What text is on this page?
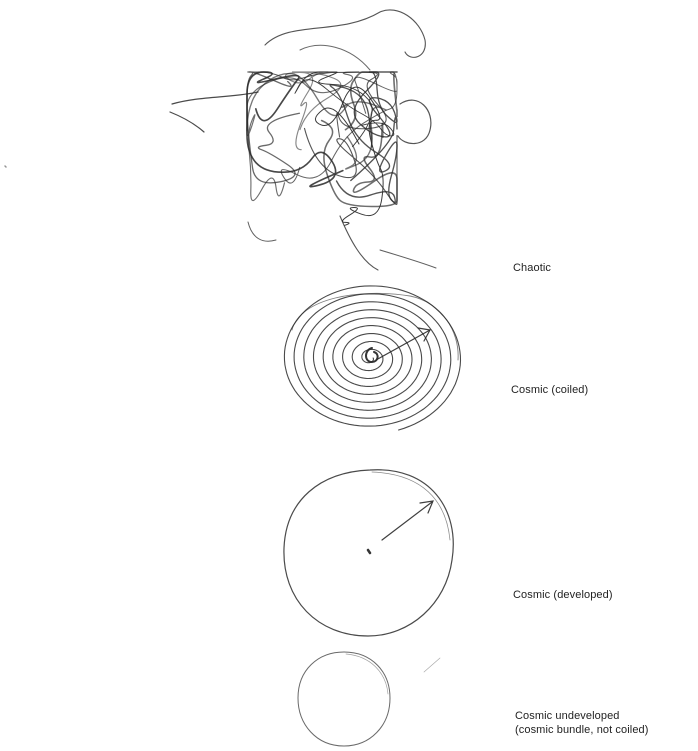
Chaotic
Cosmic (coiled)
Cosmic (developed)
Cosmic undeveloped
(cosmic bundle, not coiled)
